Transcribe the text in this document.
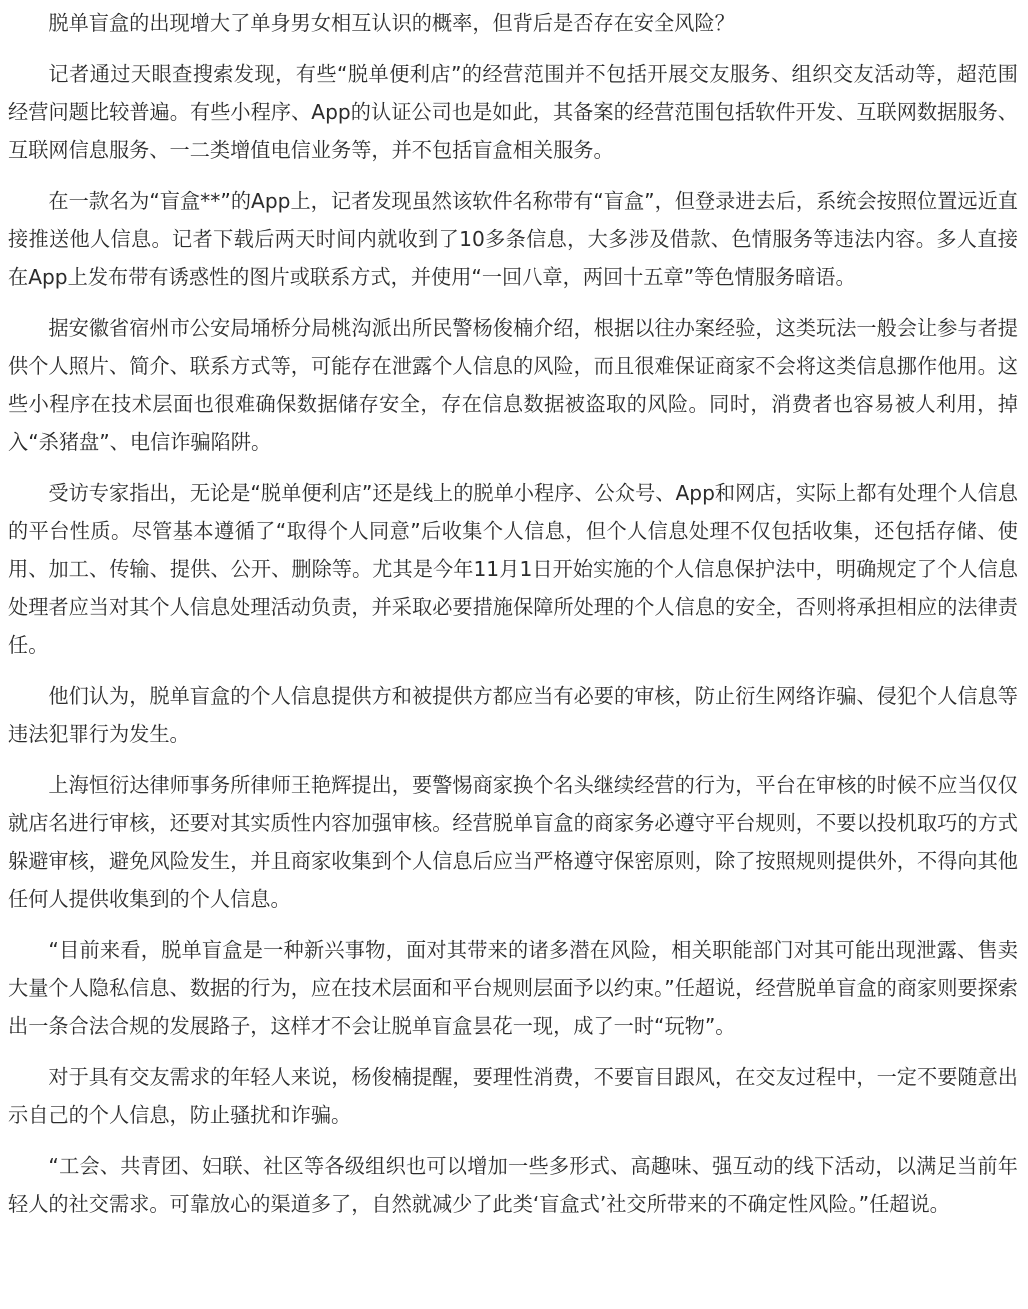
脱单盲盒的出现增大了单身男女相互认识的概率，但背后是否存在安全风险？

记者通过天眼查搜索发现，有些“脱单便利店”的经营范围并不包括开展交友服务、组织交友活动等，超范围经营问题比较普遍。有些小程序、App的认证公司也是如此，其备案的经营范围包括软件开发、互联网数据服务、互联网信息服务、一二类增值电信业务等，并不包括盲盒相关服务。

在一款名为“盲盒**”的App上，记者发现虽然该软件名称带有“盲盒”，但登录进去后，系统会按照位置远近直接推送他人信息。记者下载后两天时间内就收到了10多条信息，大多涉及借款、色情服务等违法内容。多人直接在App上发布带有诱惑性的图片或联系方式，并使用“一回八章，两回十五章”等色情服务暗语。

据安徽省宿州市公安局埇桥分局桃沟派出所民警杨俊楠介绍，根据以往办案经验，这类玩法一般会让参与者提供个人照片、简介、联系方式等，可能存在泄露个人信息的风险，而且很难保证商家不会将这类信息挪作他用。这些小程序在技术层面也很难确保数据储存安全，存在信息数据被盗取的风险。同时，消费者也容易被人利用，掉入“杀猪盘”、电信诈骗陷阱。

受访专家指出，无论是“脱单便利店”还是线上的脱单小程序、公众号、App和网店，实际上都有处理个人信息的平台性质。尽管基本遵循了“取得个人同意”后收集个人信息，但个人信息处理不仅包括收集，还包括存储、使用、加工、传输、提供、公开、删除等。尤其是今年11月1日开始实施的个人信息保护法中，明确规定了个人信息处理者应当对其个人信息处理活动负责，并采取必要措施保障所处理的个人信息的安全，否则将承担相应的法律责任。

他们认为，脱单盲盒的个人信息提供方和被提供方都应当有必要的审核，防止衍生网络诈骗、侵犯个人信息等违法犯罪行为发生。

上海恒衍达律师事务所律师王艳辉提出，要警惕商家换个名头继续经营的行为，平台在审核的时候不应当仅仅就店名进行审核，还要对其实质性内容加强审核。经营脱单盲盒的商家务必遵守平台规则，不要以投机取巧的方式躲避审核，避免风险发生，并且商家收集到个人信息后应当严格遵守保密原则，除了按照规则提供外，不得向其他任何人提供收集到的个人信息。

“目前来看，脱单盲盒是一种新兴事物，面对其带来的诸多潜在风险，相关职能部门对其可能出现泄露、售卖大量个人隐私信息、数据的行为，应在技术层面和平台规则层面予以约束。”任超说，经营脱单盲盒的商家则要探索出一条合法合规的发展路子，这样才不会让脱单盲盒昙花一现，成了一时“玩物”。

对于具有交友需求的年轻人来说，杨俊楠提醒，要理性消费，不要盲目跟风，在交友过程中，一定不要随意出示自己的个人信息，防止骚扰和诈骗。

“工会、共青团、妇联、社区等各级组织也可以增加一些多形式、高趣味、强互动的线下活动，以满足当前年轻人的社交需求。可靠放心的渠道多了，自然就减少了此类‘盲盒式’社交所带来的不确定性风险。”任超说。
